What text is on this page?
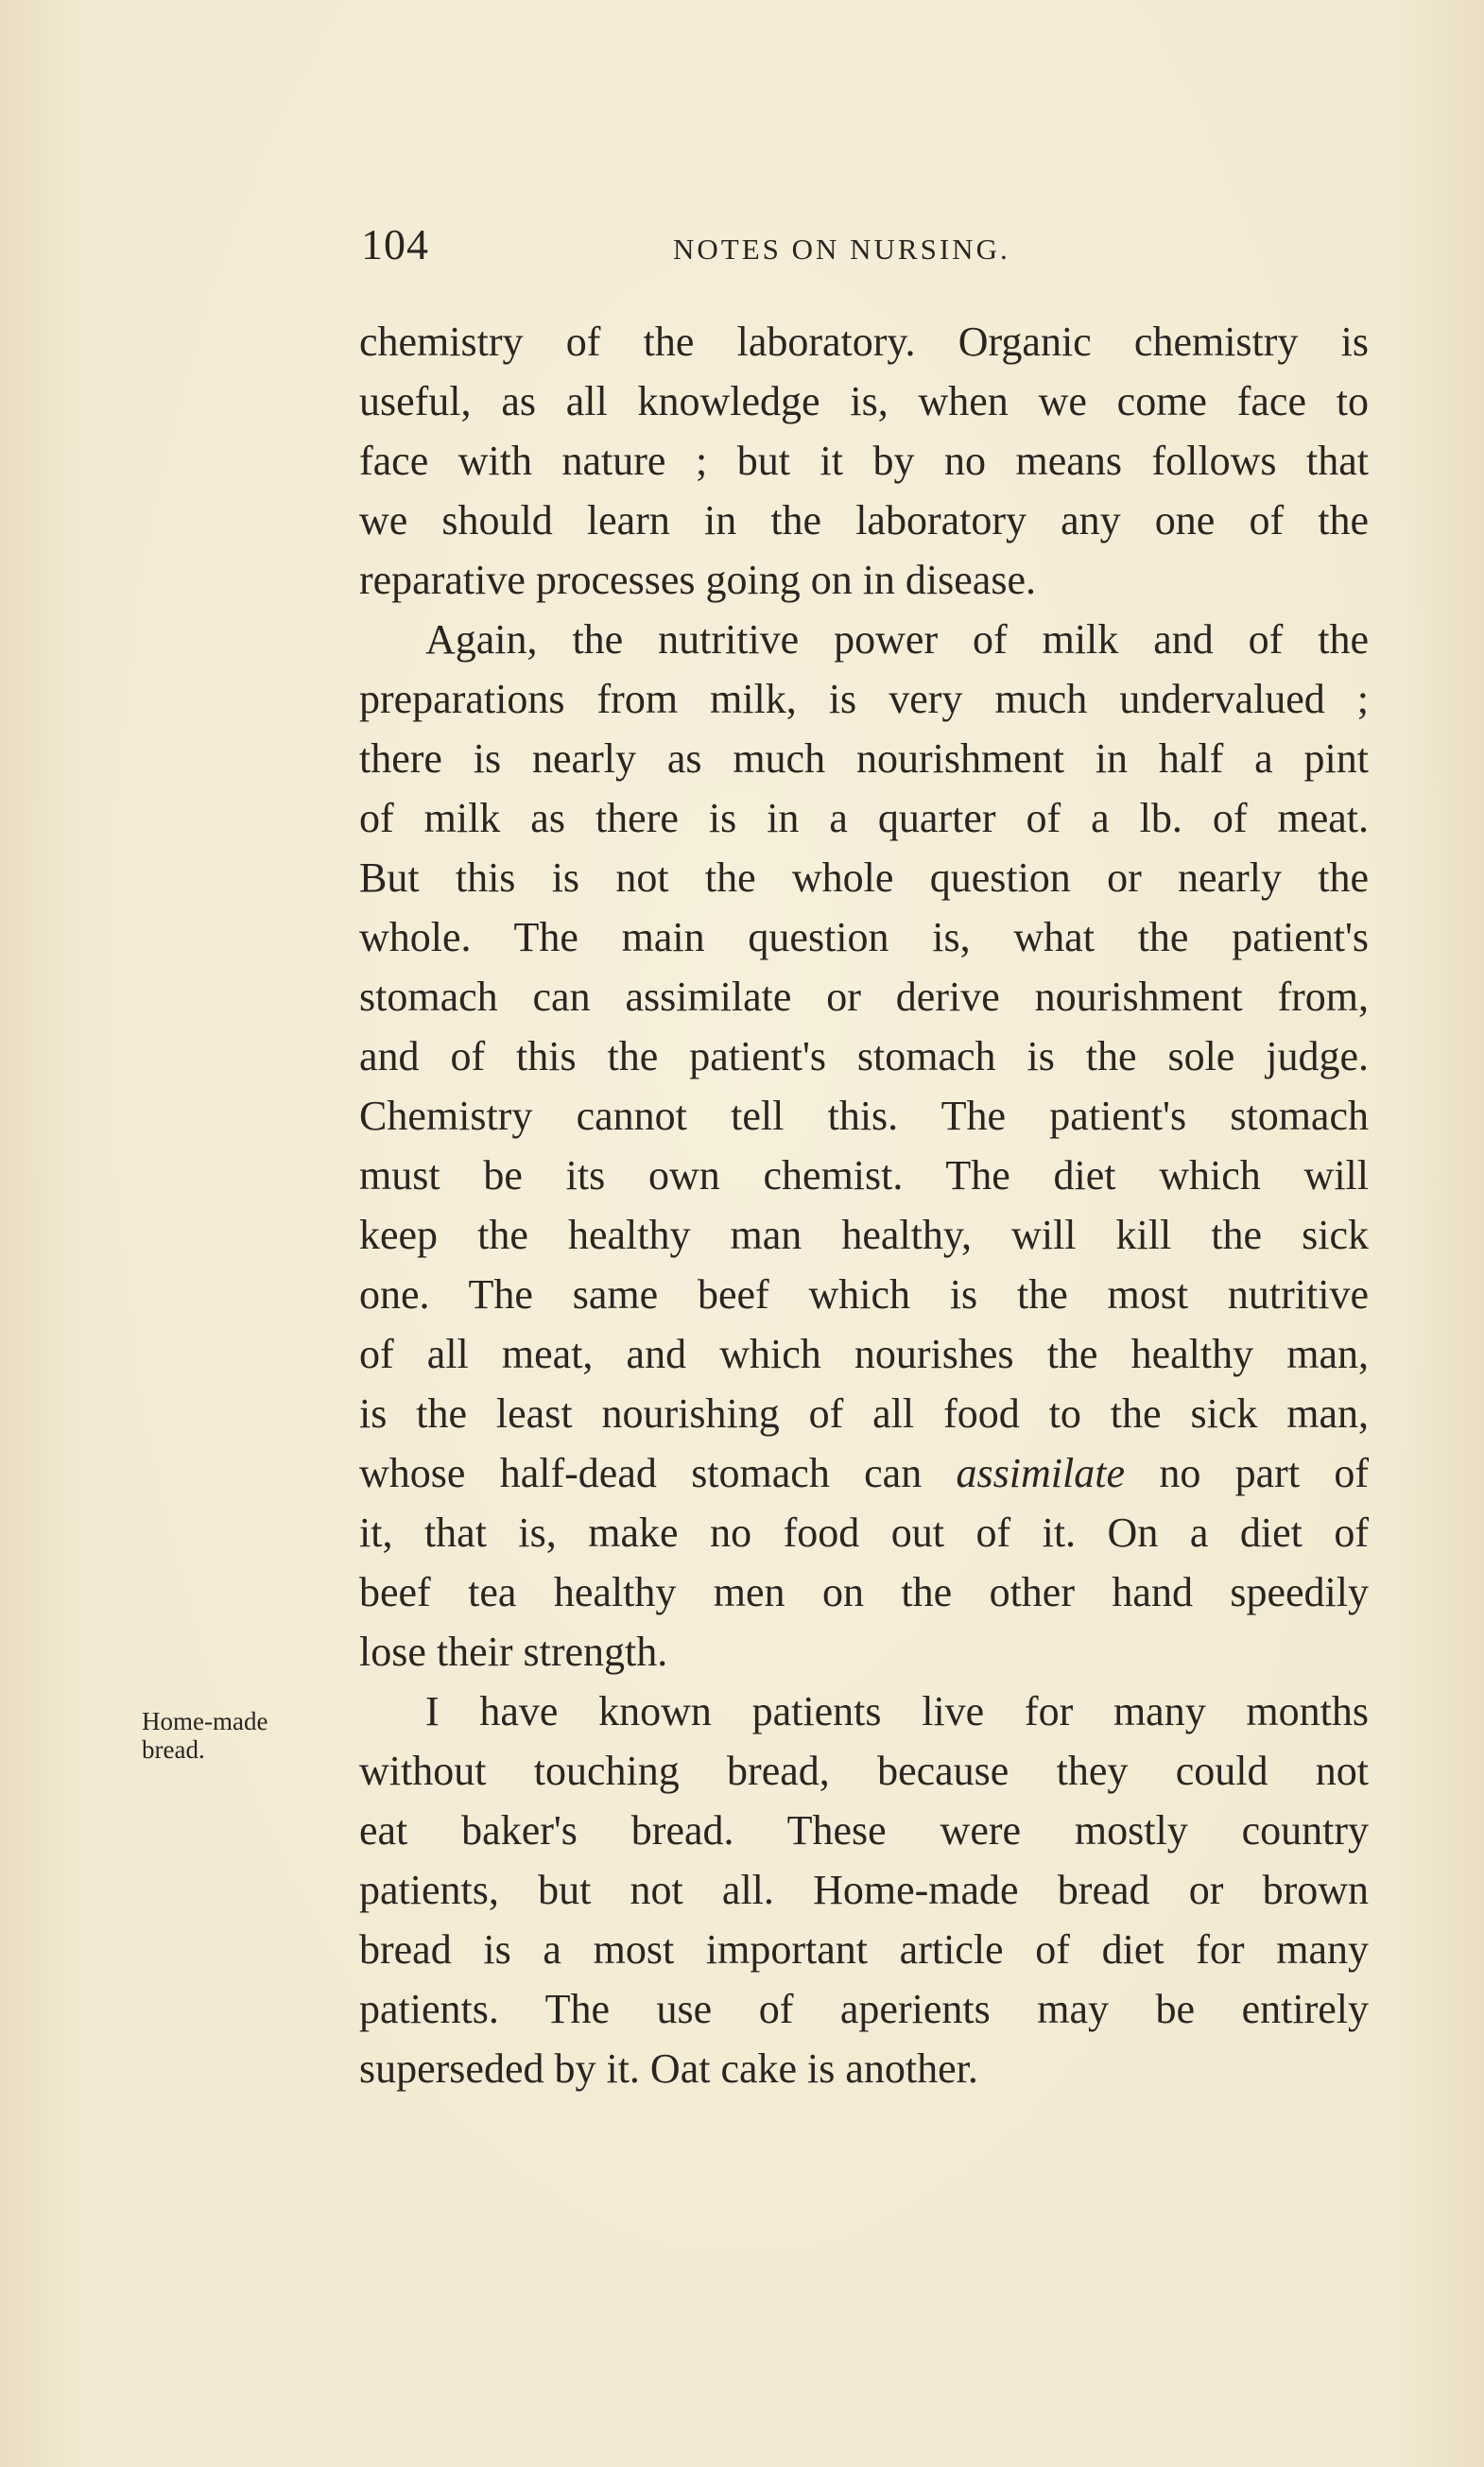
104	NOTES ON NURSING.
Home-made
bread.
chemistry of the laboratory. Organic chemistry is
useful, as all knowledge is, when we come face to
face with nature ; but it by no means follows that
we should learn in the laboratory any one of the
reparative processes going on in disease.
Again, the nutritive power of milk and of the
preparations from milk, is very much undervalued ;
there is nearly as much nourishment in half a pint
of milk as there is in a quarter of a lb. of meat.
But this is not the whole question or nearly the
whole. The main question is, what the patient's
stomach can assimilate or derive nourishment from,
and of this the patient's stomach is the sole judge.
Chemistry cannot tell this. The patient's stomach
must be its own chemist. The diet which will
keep the healthy man healthy, will kill the sick
one. The same beef which is the most nutritive
of all meat, and which nourishes the healthy man,
is the least nourishing of all food to the sick man,
whose half-dead stomach can assimilate no part of
it, that is, make no food out of it. On a diet of
beef tea healthy men on the other hand speedily
lose their strength.
I have known patients live for many months
without touching bread, because they could not
eat baker's bread. These were mostly country
patients, but not all. Home-made bread or brown
bread is a most important article of diet for many
patients. The use of aperients may be entirely
superseded by it. Oat cake is another.
